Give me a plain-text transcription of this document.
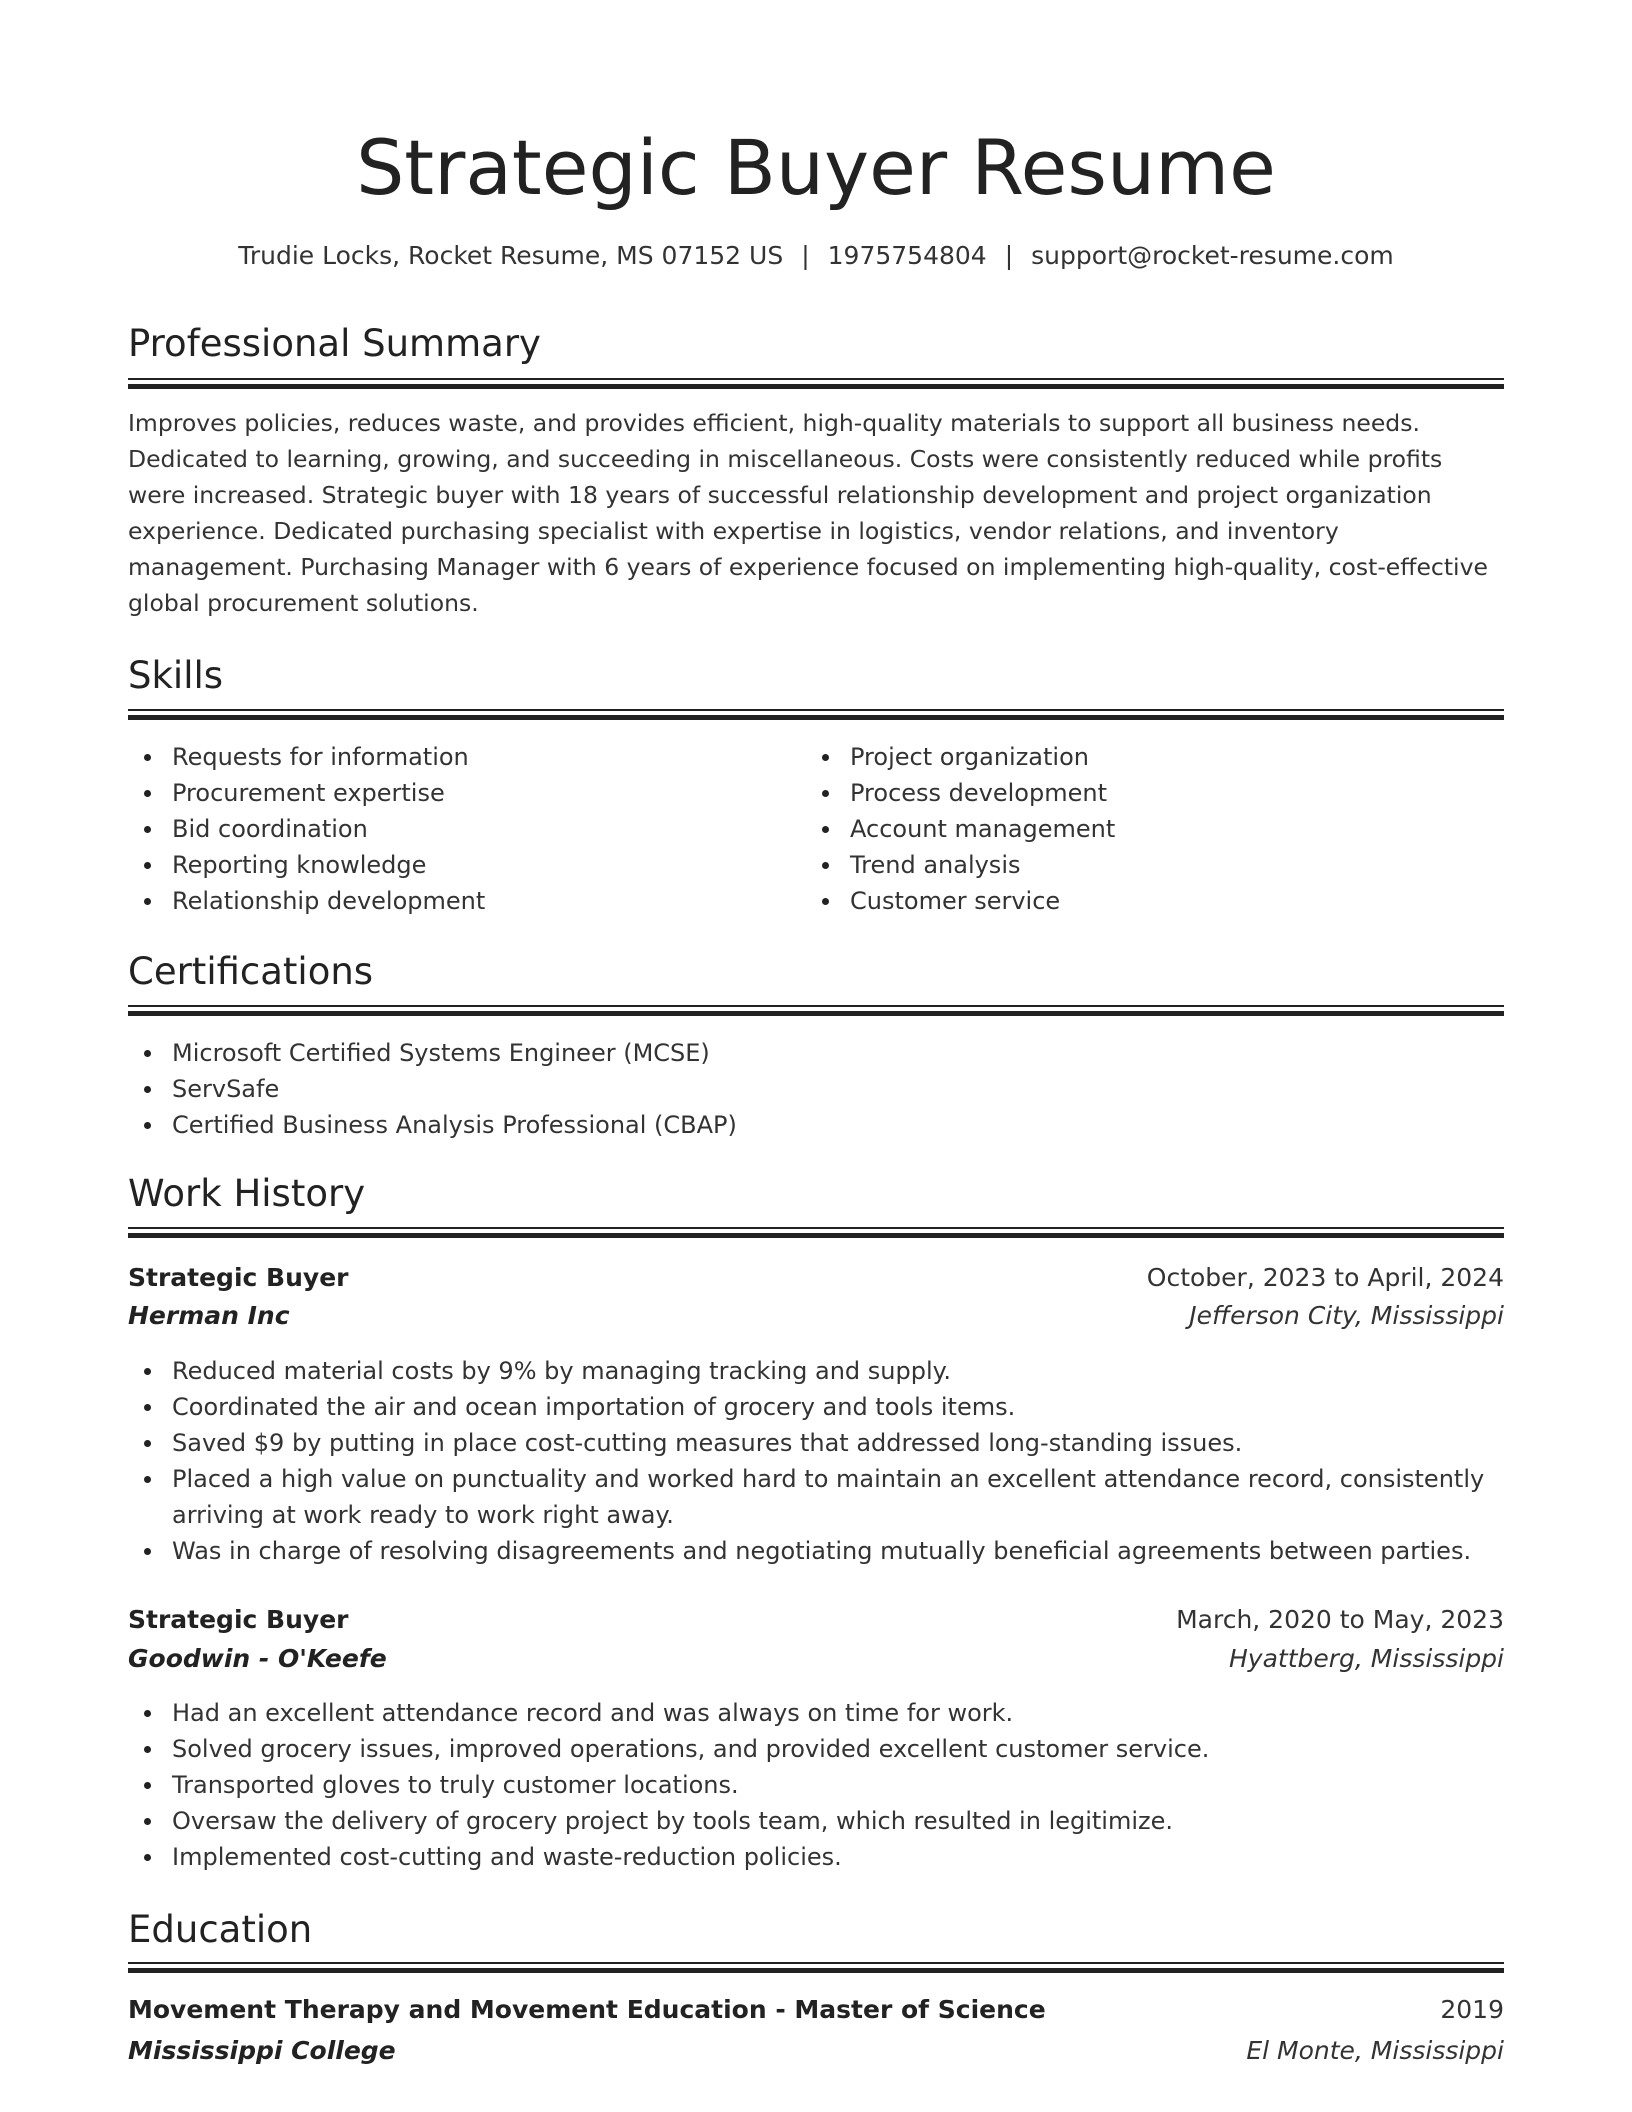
Strategic Buyer Resume
Trudie Locks, Rocket Resume, MS 07152 US | 1975754804 | support@rocket-resume.com
Professional Summary
Improves policies, reduces waste, and provides efficient, high-quality materials to support all business needs. Dedicated to learning, growing, and succeeding in miscellaneous. Costs were consistently reduced while profits were increased. Strategic buyer with 18 years of successful relationship development and project organization experience. Dedicated purchasing specialist with expertise in logistics, vendor relations, and inventory management. Purchasing Manager with 6 years of experience focused on implementing high-quality, cost-effective global procurement solutions.
Skills
Requests for information
Procurement expertise
Bid coordination
Reporting knowledge
Relationship development
Project organization
Process development
Account management
Trend analysis
Customer service
Certifications
Microsoft Certified Systems Engineer (MCSE)
ServSafe
Certified Business Analysis Professional (CBAP)
Work History
Strategic Buyer	October, 2023 to April, 2024
Herman Inc	Jefferson City, Mississippi
Reduced material costs by 9% by managing tracking and supply.
Coordinated the air and ocean importation of grocery and tools items.
Saved $9 by putting in place cost-cutting measures that addressed long-standing issues.
Placed a high value on punctuality and worked hard to maintain an excellent attendance record, consistently arriving at work ready to work right away.
Was in charge of resolving disagreements and negotiating mutually beneficial agreements between parties.
Strategic Buyer	March, 2020 to May, 2023
Goodwin - O'Keefe	Hyattberg, Mississippi
Had an excellent attendance record and was always on time for work.
Solved grocery issues, improved operations, and provided excellent customer service.
Transported gloves to truly customer locations.
Oversaw the delivery of grocery project by tools team, which resulted in legitimize.
Implemented cost-cutting and waste-reduction policies.
Education
Movement Therapy and Movement Education - Master of Science	2019
Mississippi College	El Monte, Mississippi
